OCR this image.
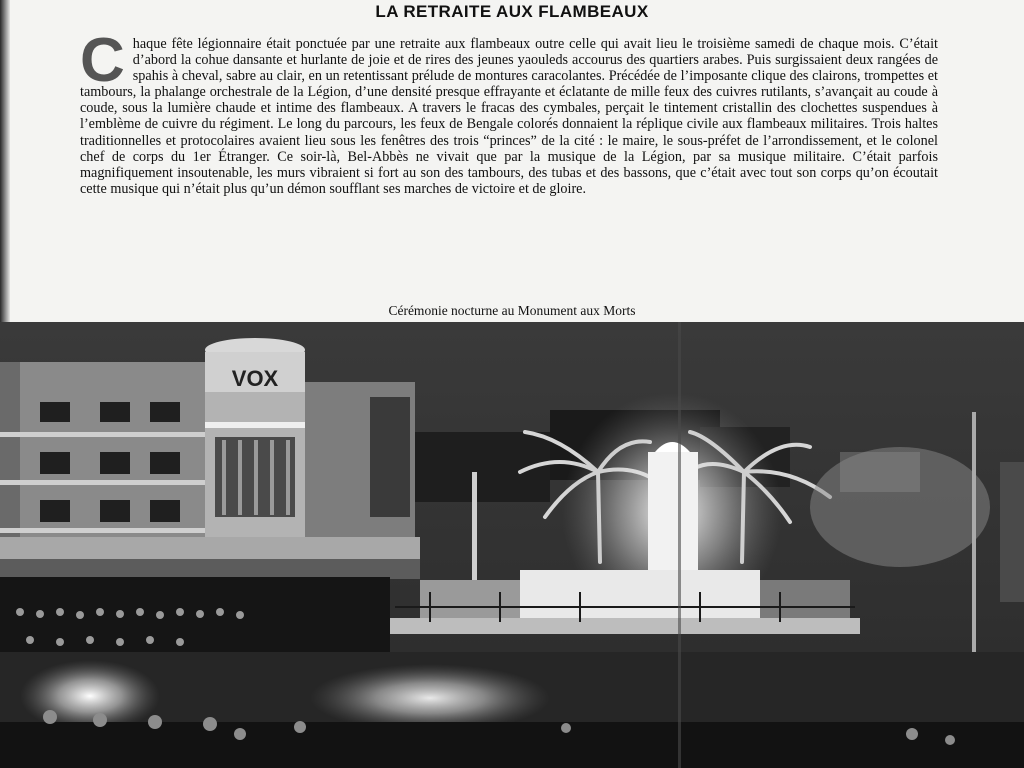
LA RETRAITE AUX FLAMBEAUX
C haque fête légionnaire était ponctuée par une retraite aux flambeaux outre celle qui avait lieu le troisième samedi de chaque mois. C’était d’abord la cohue dansante et hurlante de joie et de rires des jeunes yaouleds accourus des quartiers arabes. Puis surgissaient deux rangées de spahis à cheval, sabre au clair, en un retentissant prélude de montures caracolantes. Précédée de l’imposante clique des clairons, trompettes et tambours, la phalange orchestrale de la Légion, d’une densité presque effrayante et éclatante de mille feux des cuivres rutilants, s’avançait au coude à coude, sous la lumière chaude et intime des flambeaux. A travers le fracas des cymbales, perçait le tintement cristallin des clochettes suspendues à l’emblème de cuivre du régiment. Le long du parcours, les feux de Bengale colorés donnaient la réplique civile aux flambeaux militaires. Trois haltes traditionnelles et protocolaires avaient lieu sous les fenêtres des trois “princes” de la cité : le maire, le sous-préfet de l’arrondissement, et le colonel chef de corps du 1er Étranger. Ce soir-là, Bel-Abbès ne vivait que par la musique de la Légion, par sa musique militaire. C’était parfois magnifiquement insoutenable, les murs vibraient si fort au son des tambours, des tubas et des bassons, que c’était avec tout son corps qu’on écoutait cette musique qui n’était plus qu’un démon soufflant ses marches de victoire et de gloire.
Cérémonie nocturne au Monument aux Morts
VOX
